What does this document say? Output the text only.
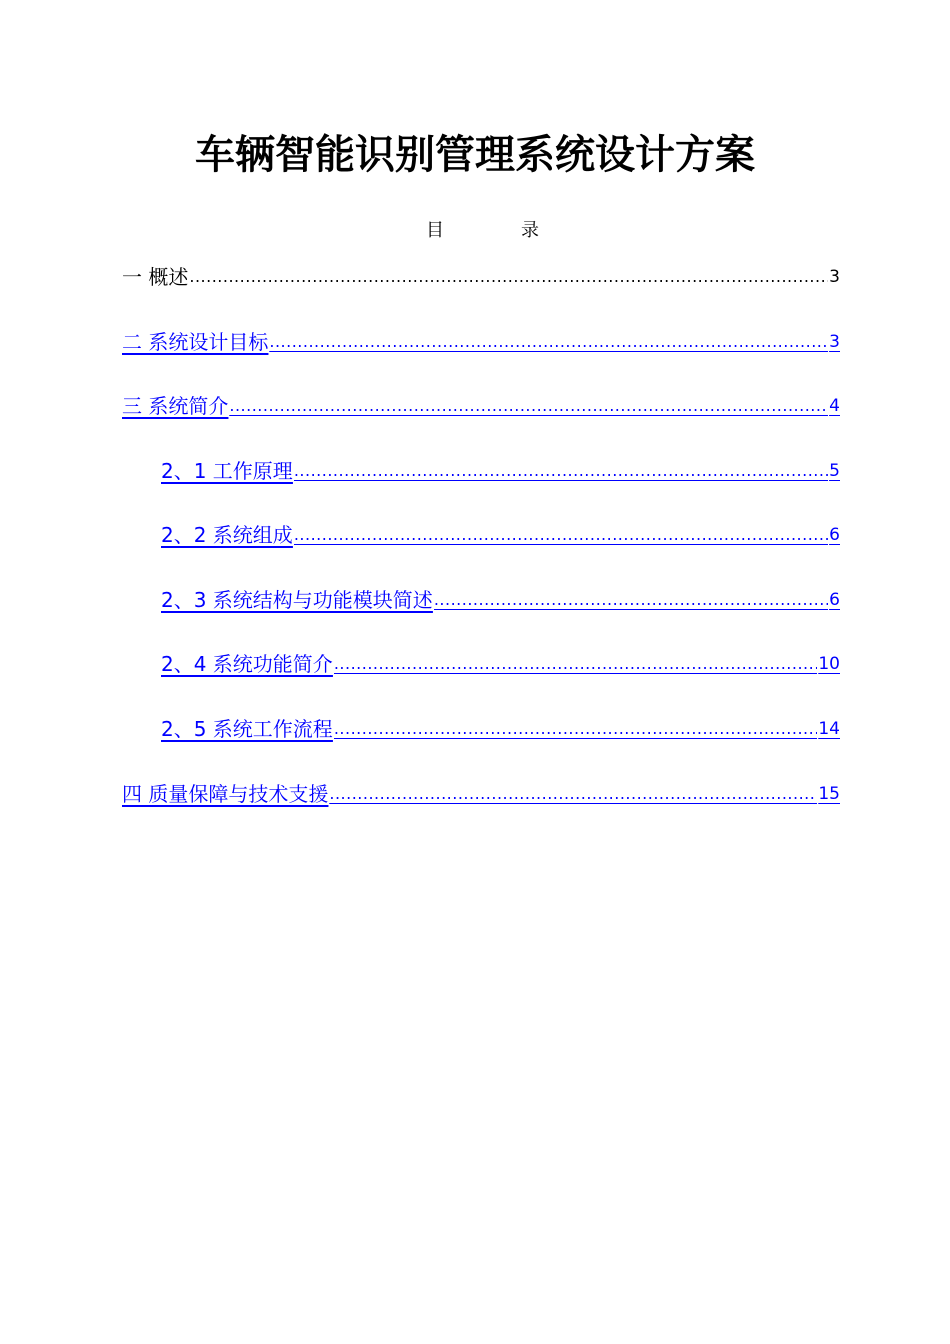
车辆智能识别管理系统设计方案
目	录
一 概述 .....	3
二 系统设计目标 .....	3
三 系统简介 .....	4
2、1 工作原理 .....	5
2、2 系统组成 .....	6
2、3 系统结构与功能模块简述 .....	6
2、4 系统功能简介 .....	10
2、5 系统工作流程 .....	14
四 质量保障与技术支援 .....	15
